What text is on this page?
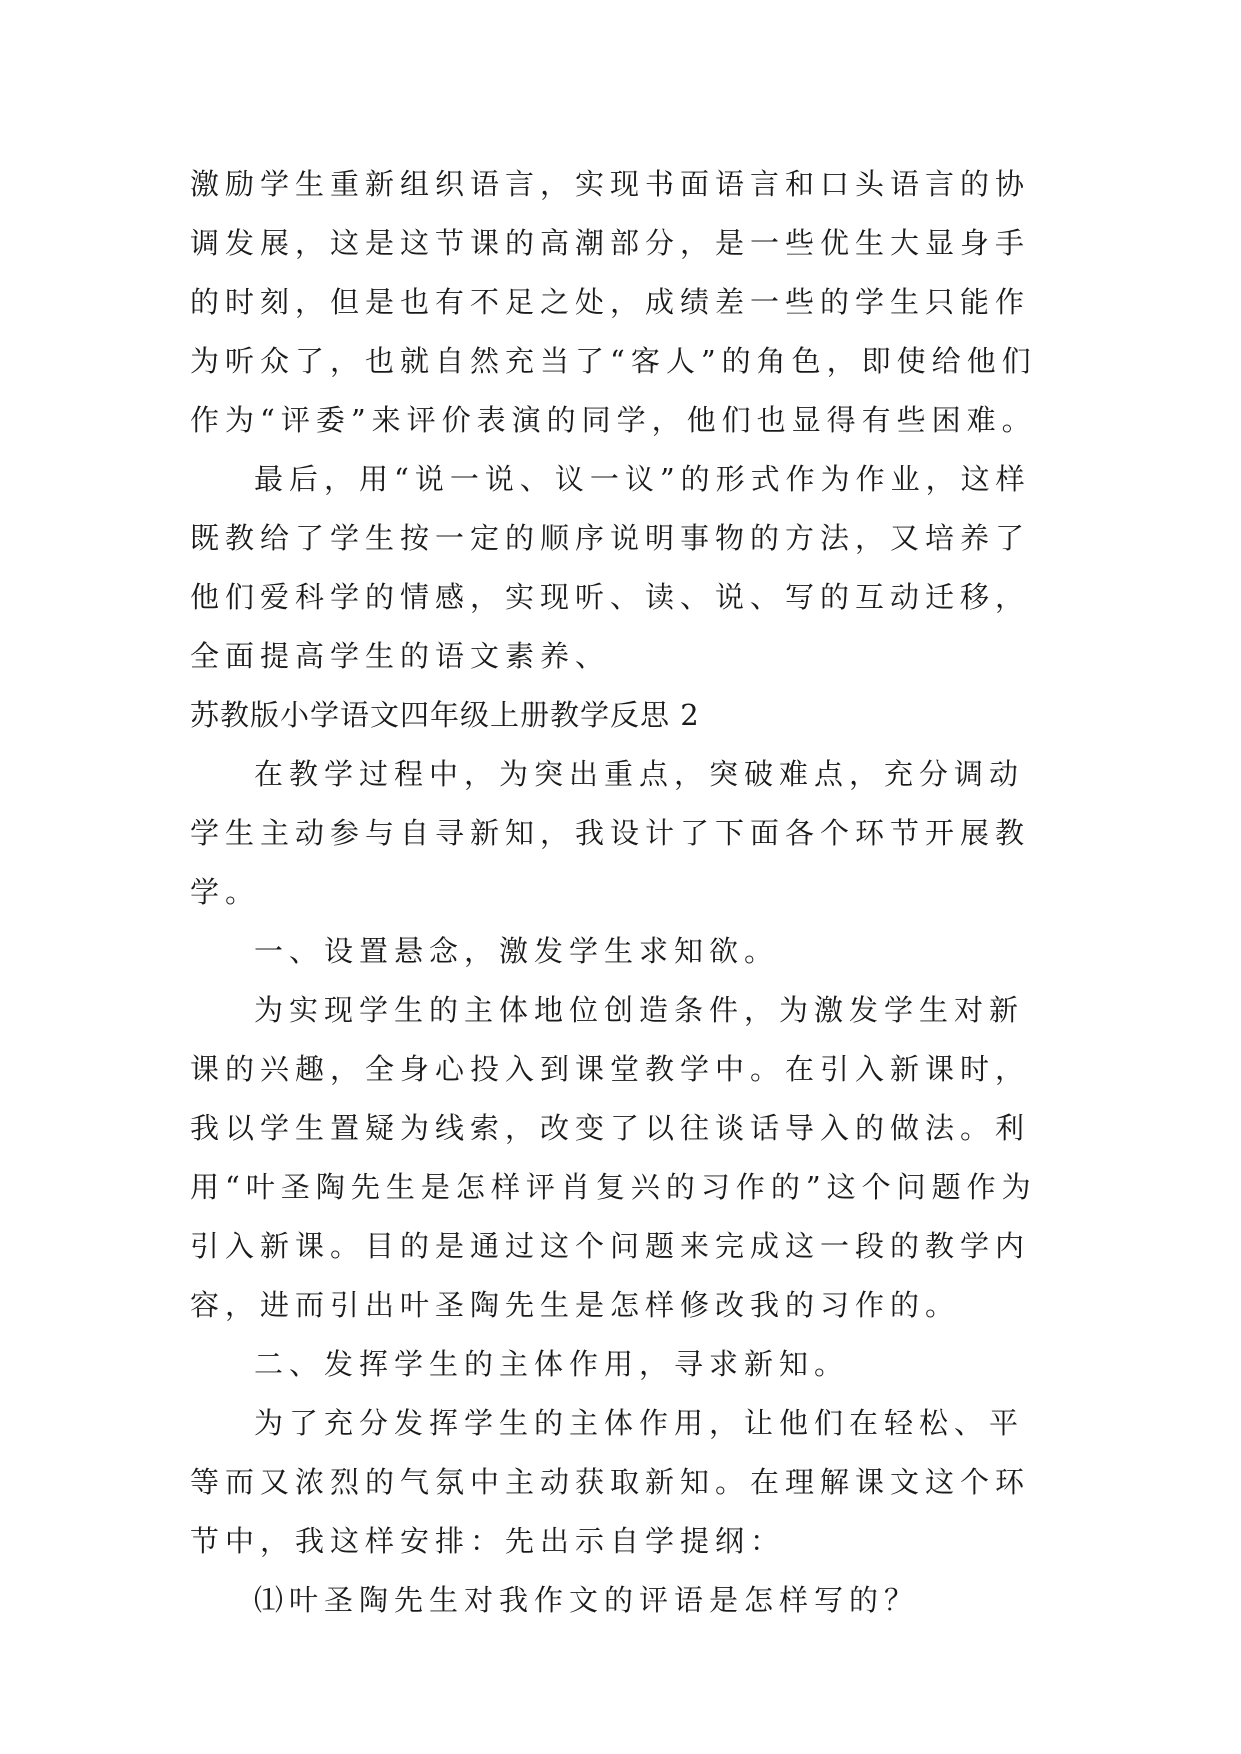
激励学生重新组织语言，实现书面语言和口头语言的协调发展，这是这节课的高潮部分，是一些优生大显身手的时刻，但是也有不足之处，成绩差一些的学生只能作为听众了，也就自然充当了“客人”的角色，即使给他们作为“评委”来评价表演的同学，他们也显得有些困难。

最后，用“说一说、议一议”的形式作为作业，这样既教给了学生按一定的顺序说明事物的方法，又培养了他们爱科学的情感，实现听、读、说、写的互动迁移，全面提高学生的语文素养、

苏教版小学语文四年级上册教学反思 2

在教学过程中，为突出重点，突破难点，充分调动学生主动参与自寻新知，我设计了下面各个环节开展教学。

一、设置悬念，激发学生求知欲。

为实现学生的主体地位创造条件，为激发学生对新课的兴趣，全身心投入到课堂教学中。在引入新课时，我以学生置疑为线索，改变了以往谈话导入的做法。利用“叶圣陶先生是怎样评肖复兴的习作的”这个问题作为引入新课。目的是通过这个问题来完成这一段的教学内容，进而引出叶圣陶先生是怎样修改我的习作的。

二、发挥学生的主体作用，寻求新知。

为了充分发挥学生的主体作用，让他们在轻松、平等而又浓烈的气氛中主动获取新知。在理解课文这个环节中，我这样安排：先出示自学提纲：

⑴叶圣陶先生对我作文的评语是怎样写的？
